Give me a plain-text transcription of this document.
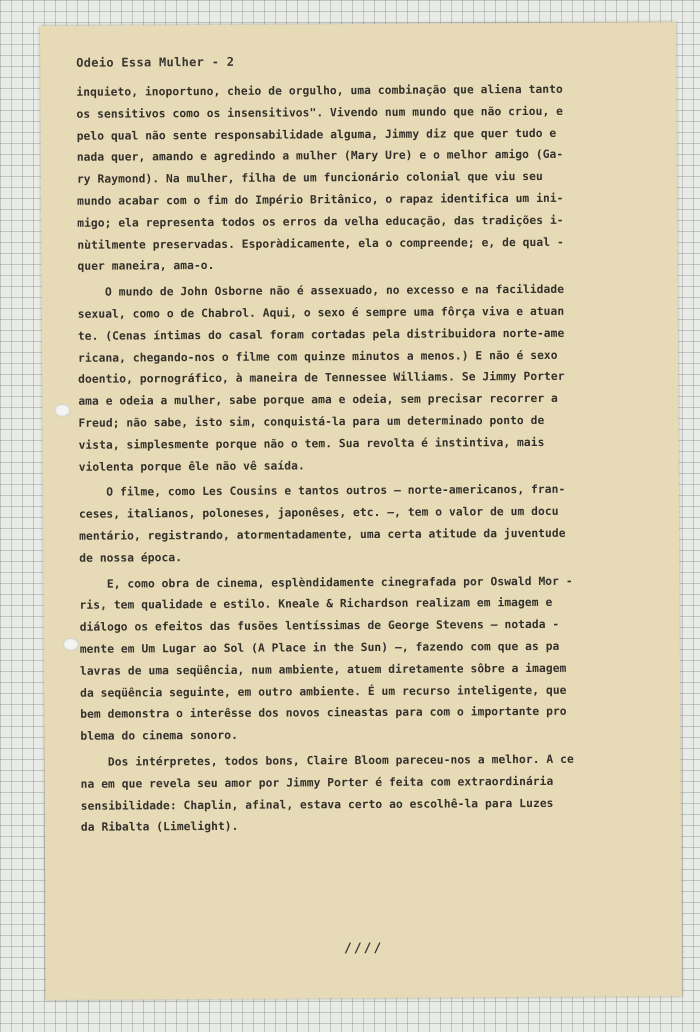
Odeio Essa Mulher - 2
inquieto, inoportuno, cheio de orgulho, uma combinação que aliena tanto
os sensitivos como os insensitivos". Vivendo num mundo que não criou, e
pelo qual não sente responsabilidade alguma, Jimmy diz que quer tudo e
nada quer, amando e agredindo a mulher (Mary Ure) e o melhor amigo (Ga-
ry Raymond). Na mulher, filha de um funcionário colonial que viu seu
mundo acabar com o fim do Império Britânico, o rapaz identifica um ini-
migo; ela representa todos os erros da velha educação, das tradições i-
nùtilmente preservadas. Esporàdicamente, ela o compreende; e, de qual -
quer maneira, ama-o.
O mundo de John Osborne não é assexuado, no excesso e na facilidade
sexual, como o de Chabrol. Aqui, o sexo é sempre uma fôrça viva e atuan
te. (Cenas íntimas do casal foram cortadas pela distribuidora norte-ame
ricana, chegando-nos o filme com quinze minutos a menos.) E não é sexo
doentio, pornográfico, à maneira de Tennessee Williams. Se Jimmy Porter
ama e odeia a mulher, sabe porque ama e odeia, sem precisar recorrer a
Freud; não sabe, isto sim, conquistá-la para um determinado ponto de
vista, simplesmente porque não o tem. Sua revolta é instintiva, mais
violenta porque êle não vê saída.
O filme, como Les Cousins e tantos outros — norte-americanos, fran-
ceses, italianos, poloneses, japonêses, etc. —, tem o valor de um docu
mentário, registrando, atormentadamente, uma certa atitude da juventude
de nossa época.
E, como obra de cinema, esplèndidamente cinegrafada por Oswald Mor -
ris, tem qualidade e estilo. Kneale & Richardson realizam em imagem e
diálogo os efeitos das fusões lentíssimas de George Stevens — notada -
mente em Um Lugar ao Sol (A Place in the Sun) —, fazendo com que as pa
lavras de uma seqüência, num ambiente, atuem diretamente sôbre a imagem
da seqüência seguinte, em outro ambiente. É um recurso inteligente, que
bem demonstra o interêsse dos novos cineastas para com o importante pro
blema do cinema sonoro.
Dos intérpretes, todos bons, Claire Bloom pareceu-nos a melhor. A ce
na em que revela seu amor por Jimmy Porter é feita com extraordinária
sensibilidade: Chaplin, afinal, estava certo ao escolhê-la para Luzes
da Ribalta (Limelight).
////
